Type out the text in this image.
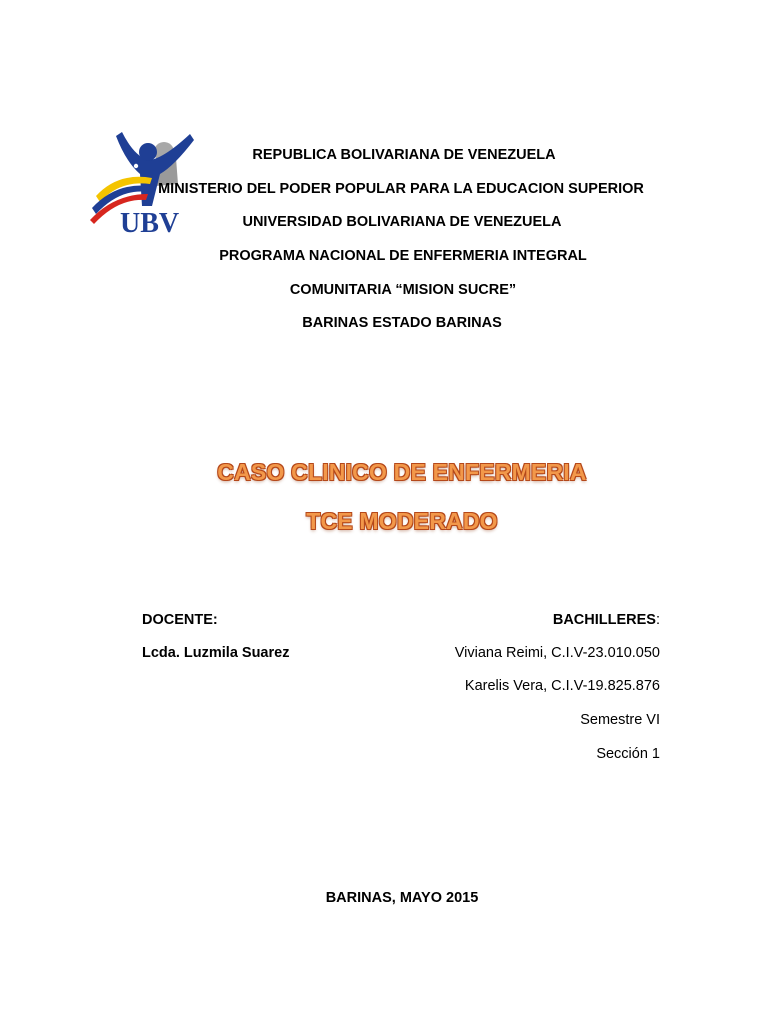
UBV
REPUBLICA BOLIVARIANA DE VENEZUELA
MINISTERIO DEL PODER POPULAR PARA LA EDUCACION SUPERIOR
UNIVERSIDAD BOLIVARIANA DE VENEZUELA
PROGRAMA NACIONAL DE ENFERMERIA INTEGRAL
COMUNITARIA “MISION SUCRE”
BARINAS ESTADO BARINAS
CASO CLINICO DE ENFERMERIA
TCE MODERADO
DOCENTE:
Lcda. Luzmila Suarez
BACHILLERES:
Viviana Reimi, C.I.V-23.010.050
Karelis Vera, C.I.V-19.825.876
Semestre VI
Sección 1
BARINAS, MAYO 2015
